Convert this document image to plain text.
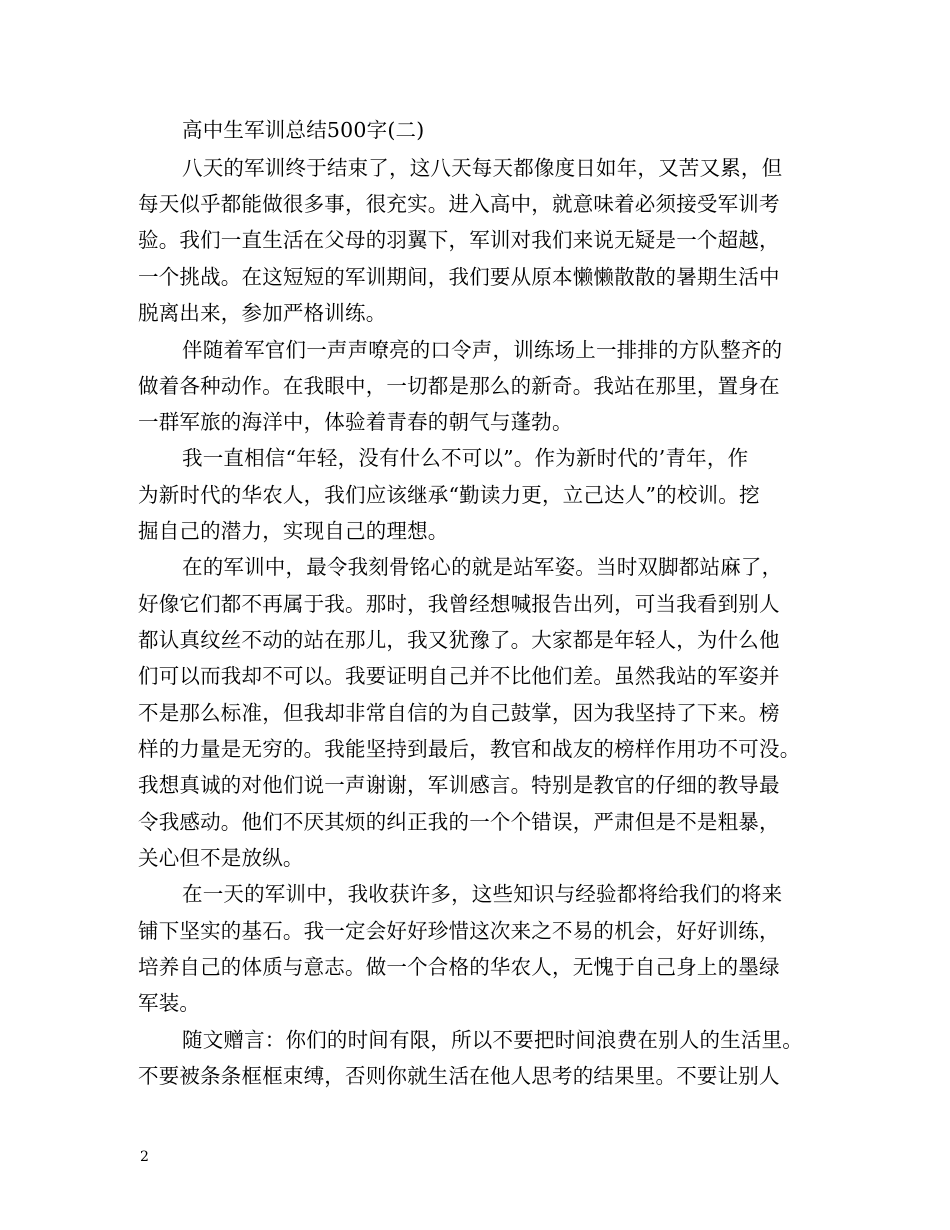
高中生军训总结500字(二)
八天的军训终于结束了，这八天每天都像度日如年，又苦又累，但
每天似乎都能做很多事，很充实。进入高中，就意味着必须接受军训考
验。我们一直生活在父母的羽翼下，军训对我们来说无疑是一个超越，
一个挑战。在这短短的军训期间，我们要从原本懒懒散散的暑期生活中
脱离出来，参加严格训练。
伴随着军官们一声声嘹亮的口令声，训练场上一排排的方队整齐的
做着各种动作。在我眼中，一切都是那么的新奇。我站在那里，置身在
一群军旅的海洋中，体验着青春的朝气与蓬勃。
我一直相信“年轻，没有什么不可以”。作为新时代的’青年，作
为新时代的华农人，我们应该继承“勤读力更，立己达人”的校训。挖
掘自己的潜力，实现自己的理想。
在的军训中，最令我刻骨铭心的就是站军姿。当时双脚都站麻了，
好像它们都不再属于我。那时，我曾经想喊报告出列，可当我看到别人
都认真纹丝不动的站在那儿，我又犹豫了。大家都是年轻人，为什么他
们可以而我却不可以。我要证明自己并不比他们差。虽然我站的军姿并
不是那么标准，但我却非常自信的为自己鼓掌，因为我坚持了下来。榜
样的力量是无穷的。我能坚持到最后，教官和战友的榜样作用功不可没。
我想真诚的对他们说一声谢谢，军训感言。特别是教官的仔细的教导最
令我感动。他们不厌其烦的纠正我的一个个错误，严肃但是不是粗暴，
关心但不是放纵。
在一天的军训中，我收获许多，这些知识与经验都将给我们的将来
铺下坚实的基石。我一定会好好珍惜这次来之不易的机会，好好训练，
培养自己的体质与意志。做一个合格的华农人，无愧于自己身上的墨绿
军装。
随文赠言：你们的时间有限，所以不要把时间浪费在别人的生活里。
不要被条条框框束缚，否则你就生活在他人思考的结果里。不要让别人
2
